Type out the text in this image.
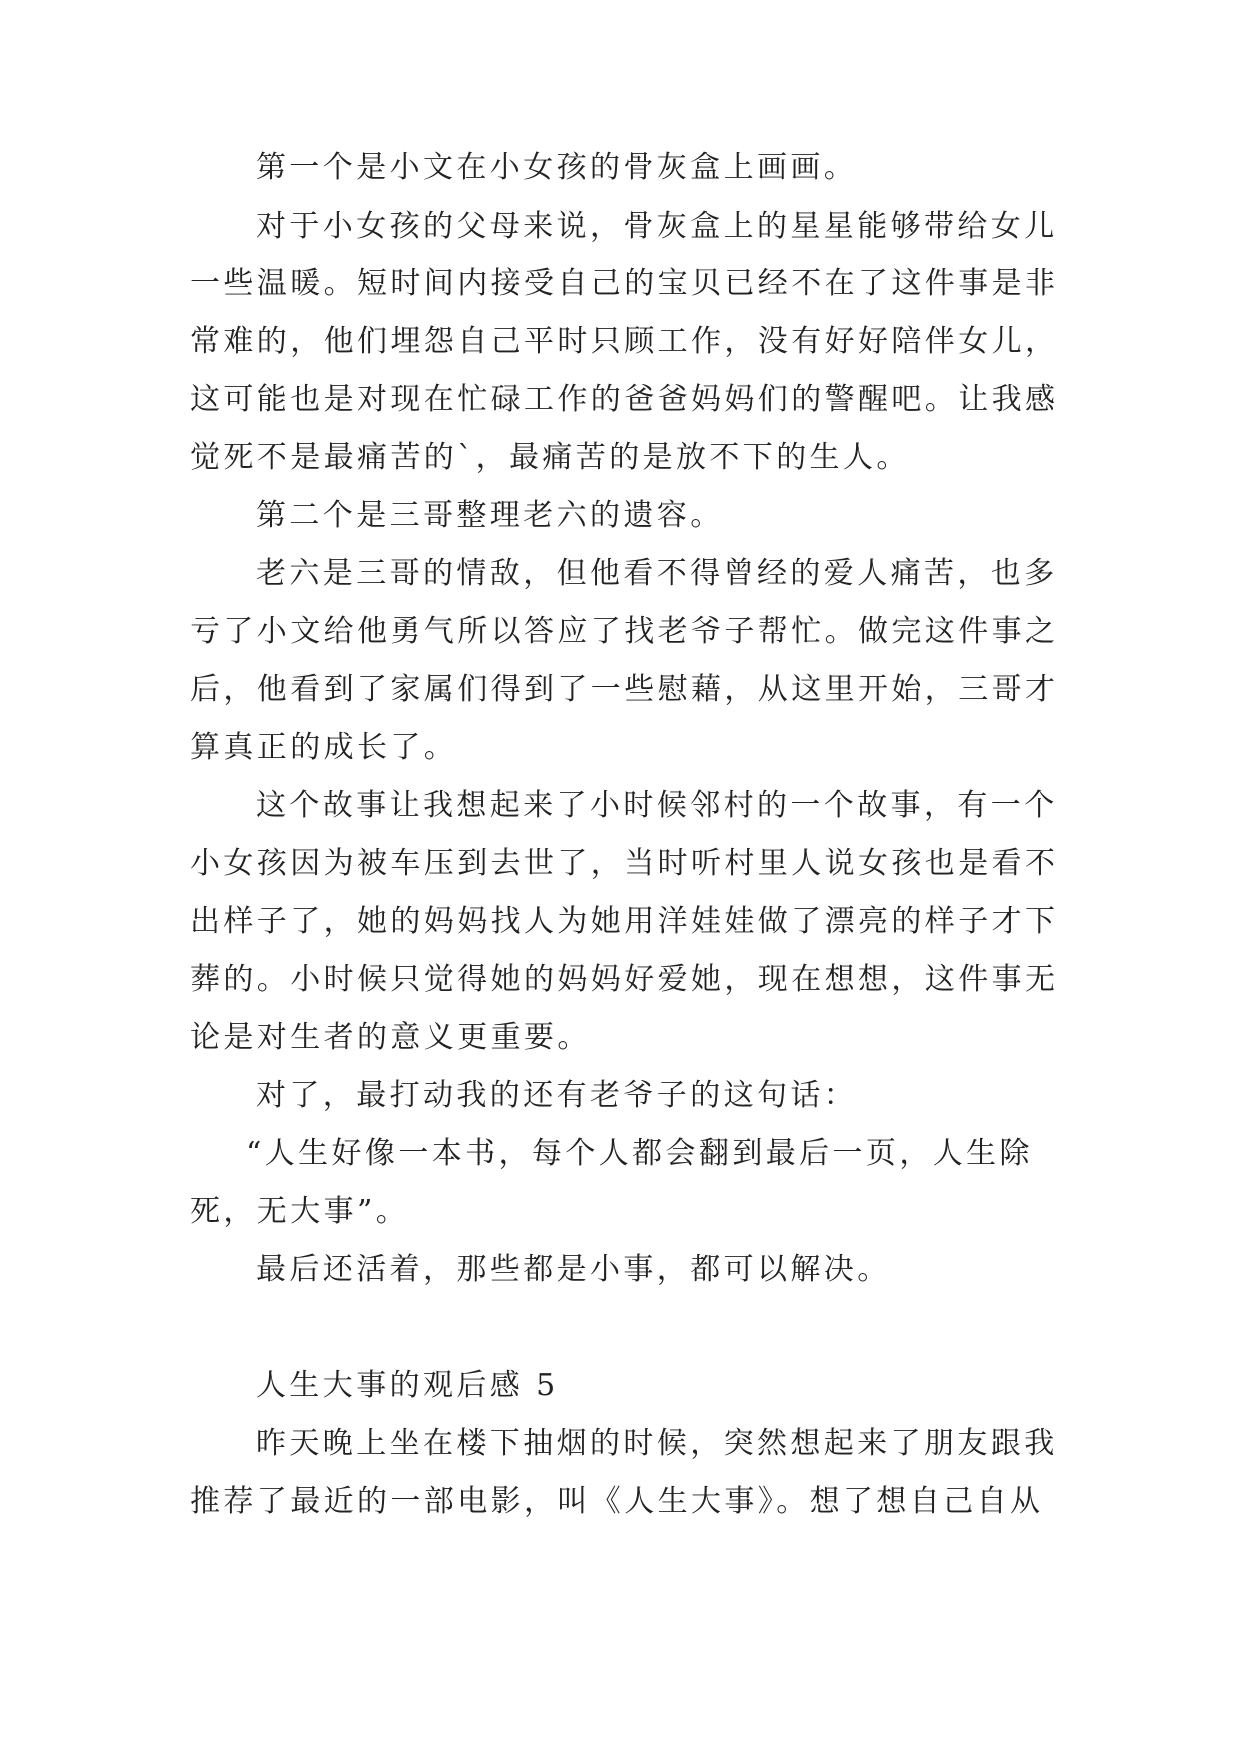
第一个是小文在小女孩的骨灰盒上画画。
对于小女孩的父母来说，骨灰盒上的星星能够带给女儿
一些温暖。短时间内接受自己的宝贝已经不在了这件事是非
常难的，他们埋怨自己平时只顾工作，没有好好陪伴女儿，
这可能也是对现在忙碌工作的爸爸妈妈们的警醒吧。让我感
觉死不是最痛苦的`，最痛苦的是放不下的生人。
第二个是三哥整理老六的遗容。
老六是三哥的情敌，但他看不得曾经的爱人痛苦，也多
亏了小文给他勇气所以答应了找老爷子帮忙。做完这件事之
后，他看到了家属们得到了一些慰藉，从这里开始，三哥才
算真正的成长了。
这个故事让我想起来了小时候邻村的一个故事，有一个
小女孩因为被车压到去世了，当时听村里人说女孩也是看不
出样子了，她的妈妈找人为她用洋娃娃做了漂亮的样子才下
葬的。小时候只觉得她的妈妈好爱她，现在想想，这件事无
论是对生者的意义更重要。
对了，最打动我的还有老爷子的这句话：
“人生好像一本书，每个人都会翻到最后一页，人生除
死，无大事”。
最后还活着，那些都是小事，都可以解决。
人生大事的观后感 5
昨天晚上坐在楼下抽烟的时候，突然想起来了朋友跟我
推荐了最近的一部电影，叫《人生大事》。想了想自己自从
